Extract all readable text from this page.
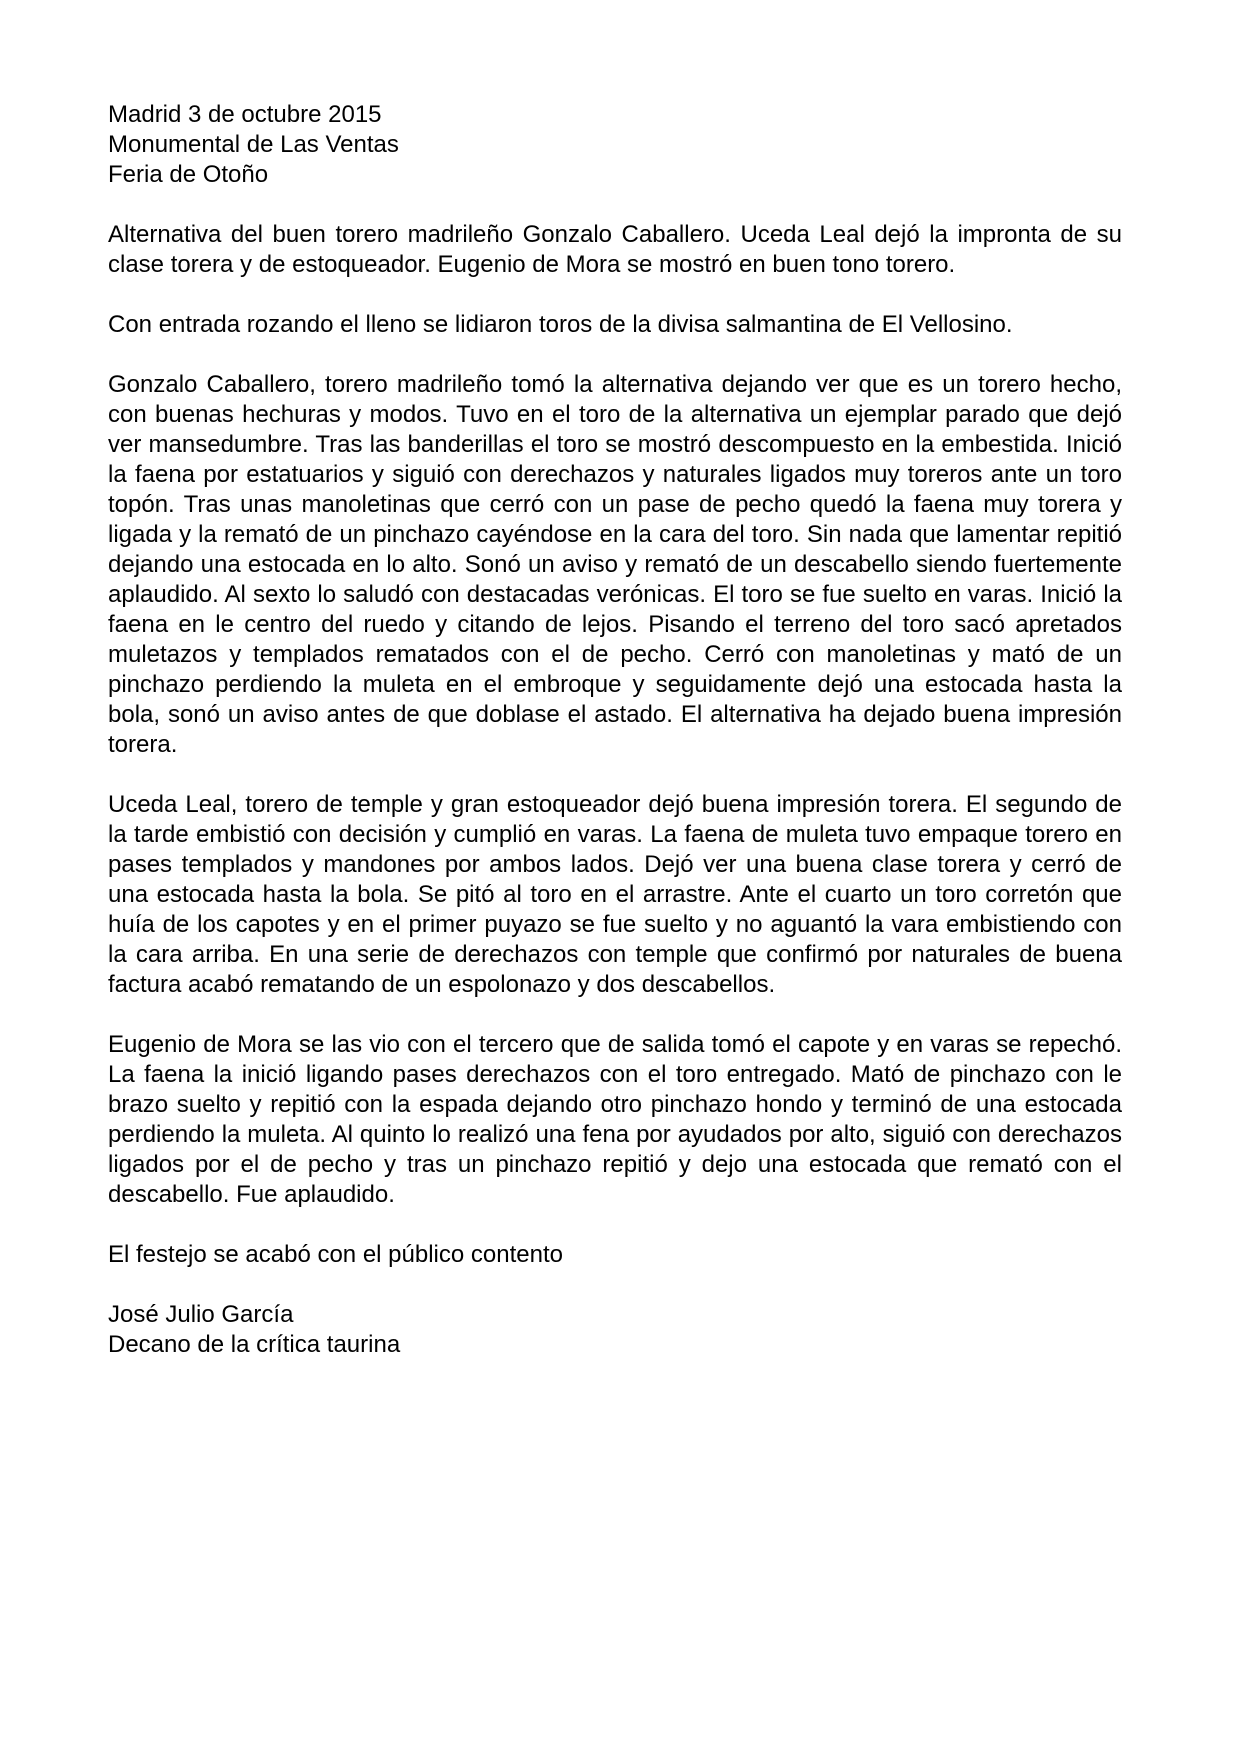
Madrid 3 de octubre 2015
Monumental de Las Ventas
Feria de Otoño

Alternativa del buen torero madrileño Gonzalo Caballero. Uceda Leal dejó la impronta de su clase torera y de estoqueador. Eugenio de Mora se mostró en buen tono torero.

Con entrada rozando el lleno se lidiaron toros de la divisa salmantina de El Vellosino.

Gonzalo Caballero, torero madrileño tomó la alternativa dejando ver que es un torero hecho, con buenas hechuras y modos. Tuvo en el toro de la alternativa un ejemplar parado que dejó ver mansedumbre. Tras las banderillas el toro se mostró descompuesto en la embestida. Inició la faena por estatuarios y siguió con derechazos y naturales ligados muy toreros ante un toro topón. Tras unas manoletinas que cerró con un pase de pecho quedó la faena muy torera y ligada y la remató de un pinchazo cayéndose en la cara del toro. Sin nada que lamentar repitió dejando una estocada en lo alto. Sonó un aviso y remató de un descabello siendo fuertemente aplaudido. Al sexto lo saludó con destacadas verónicas. El toro se fue suelto en varas. Inició la faena en le centro del ruedo y citando de lejos. Pisando el terreno del toro sacó apretados muletazos y templados rematados con el de pecho. Cerró con manoletinas y mató de un pinchazo perdiendo la muleta en el embroque y seguidamente dejó una estocada hasta la bola, sonó un aviso antes de que doblase el astado. El alternativa ha dejado buena impresión torera.

Uceda Leal, torero de temple y gran estoqueador dejó buena impresión torera. El segundo de la tarde embistió con decisión y cumplió en varas. La faena de muleta tuvo empaque torero en pases templados y mandones por ambos lados. Dejó ver una buena clase torera y cerró de una estocada hasta la bola. Se pitó al toro en el arrastre. Ante el cuarto un toro corretón que huía de los capotes y en el primer puyazo se fue suelto y no aguantó la vara embistiendo con la cara arriba. En una serie de derechazos con temple que confirmó por naturales de buena factura acabó rematando de un espolonazo y dos descabellos.

Eugenio de Mora se las vio con el tercero que de salida tomó el capote y en varas se repechó. La faena la inició ligando pases derechazos con el toro entregado. Mató de pinchazo con le brazo suelto y repitió con la espada dejando otro pinchazo hondo y terminó de una estocada perdiendo la muleta. Al quinto lo realizó una fena por ayudados por alto, siguió con derechazos ligados por el de pecho y tras un pinchazo repitió y dejo una estocada que remató con el descabello. Fue aplaudido.

El festejo se acabó con el público contento

José Julio García
Decano de la crítica taurina
